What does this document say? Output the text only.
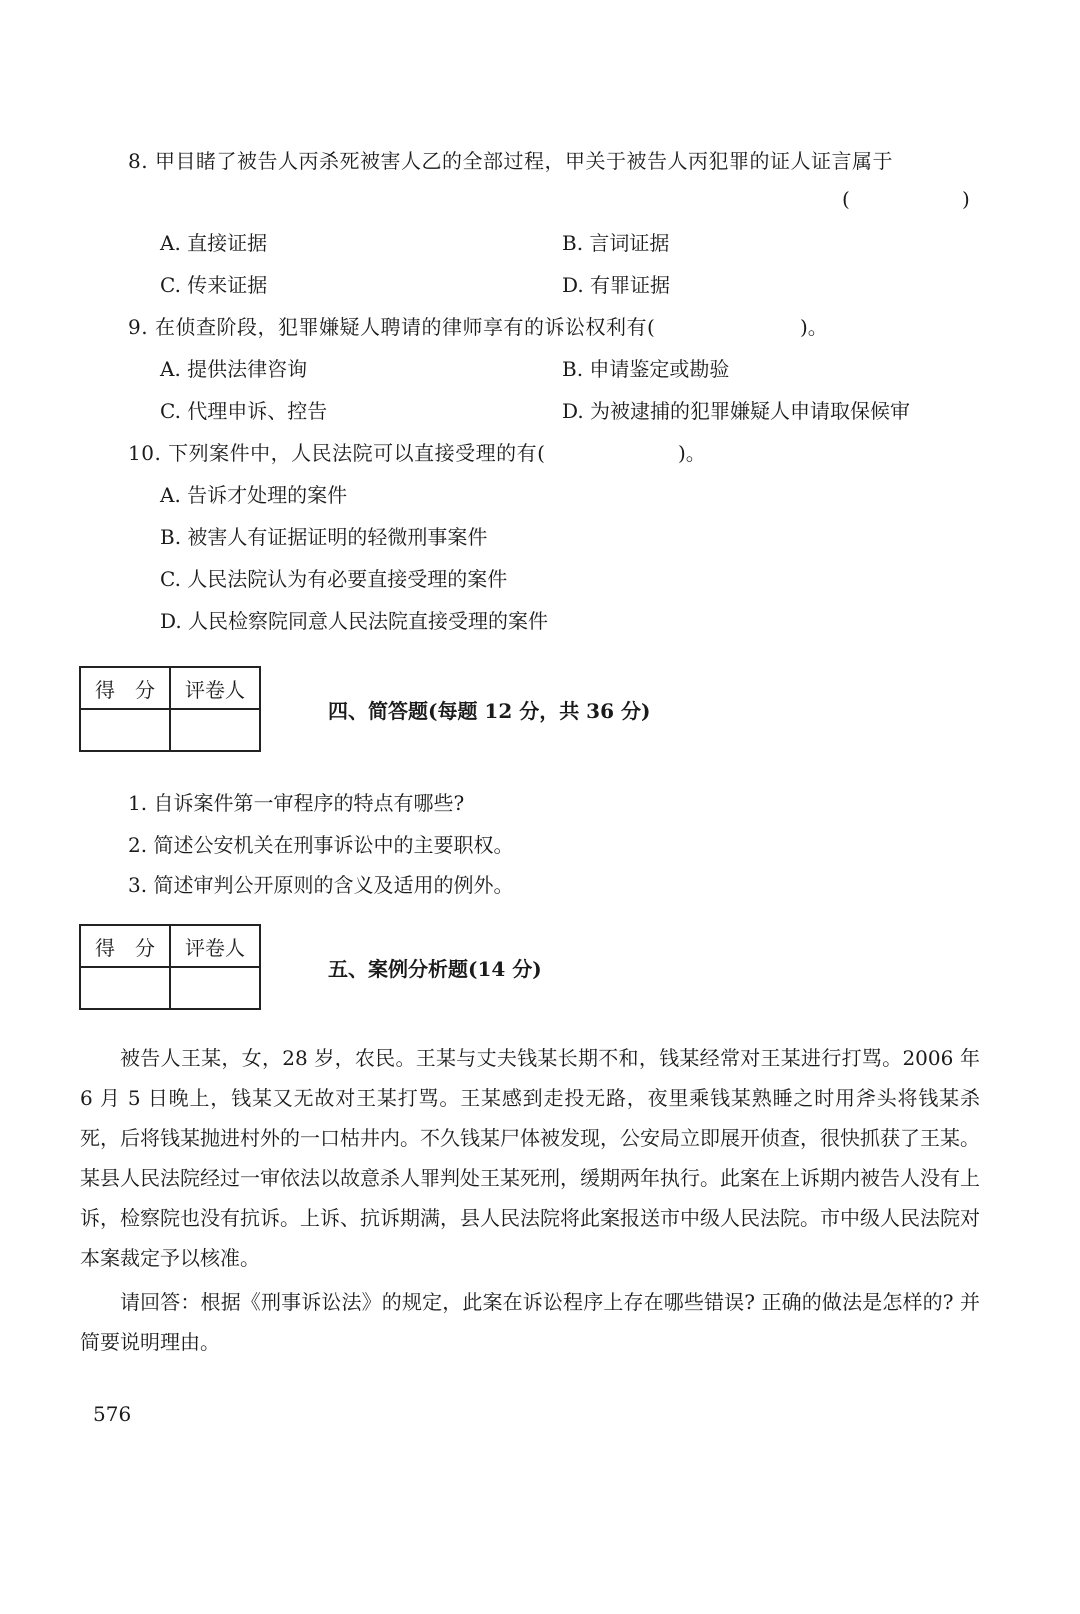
8. 甲目睹了被告人丙杀死被害人乙的全部过程，甲关于被告人丙犯罪的证人证言属于
(	)
A. 直接证据	B. 言词证据
C. 传来证据	D. 有罪证据
9. 在侦查阶段，犯罪嫌疑人聘请的律师享有的诉讼权利有(	)。
A. 提供法律咨询	B. 申请鉴定或勘验
C. 代理申诉、控告	D. 为被逮捕的犯罪嫌疑人申请取保候审
10. 下列案件中，人民法院可以直接受理的有(	)。
A. 告诉才处理的案件
B. 被害人有证据证明的轻微刑事案件
C. 人民法院认为有必要直接受理的案件
D. 人民检察院同意人民法院直接受理的案件
得　分	评卷人

四、简答题(每题 12 分，共 36 分)
1. 自诉案件第一审程序的特点有哪些?
2. 简述公安机关在刑事诉讼中的主要职权。
3. 简述审判公开原则的含义及适用的例外。
得　分	评卷人

五、案例分析题(14 分)

被告人王某，女，28 岁，农民。王某与丈夫钱某长期不和，钱某经常对王某进行打骂。2006 年 6 月 5 日晚上，钱某又无故对王某打骂。王某感到走投无路，夜里乘钱某熟睡之时用斧头将钱某杀死，后将钱某抛进村外的一口枯井内。不久钱某尸体被发现，公安局立即展开侦查，很快抓获了王某。某县人民法院经过一审依法以故意杀人罪判处王某死刑，缓期两年执行。此案在上诉期内被告人没有上诉，检察院也没有抗诉。上诉、抗诉期满，县人民法院将此案报送市中级人民法院。市中级人民法院对本案裁定予以核准。

请回答：根据《刑事诉讼法》的规定，此案在诉讼程序上存在哪些错误? 正确的做法是怎样的? 并简要说明理由。

576
